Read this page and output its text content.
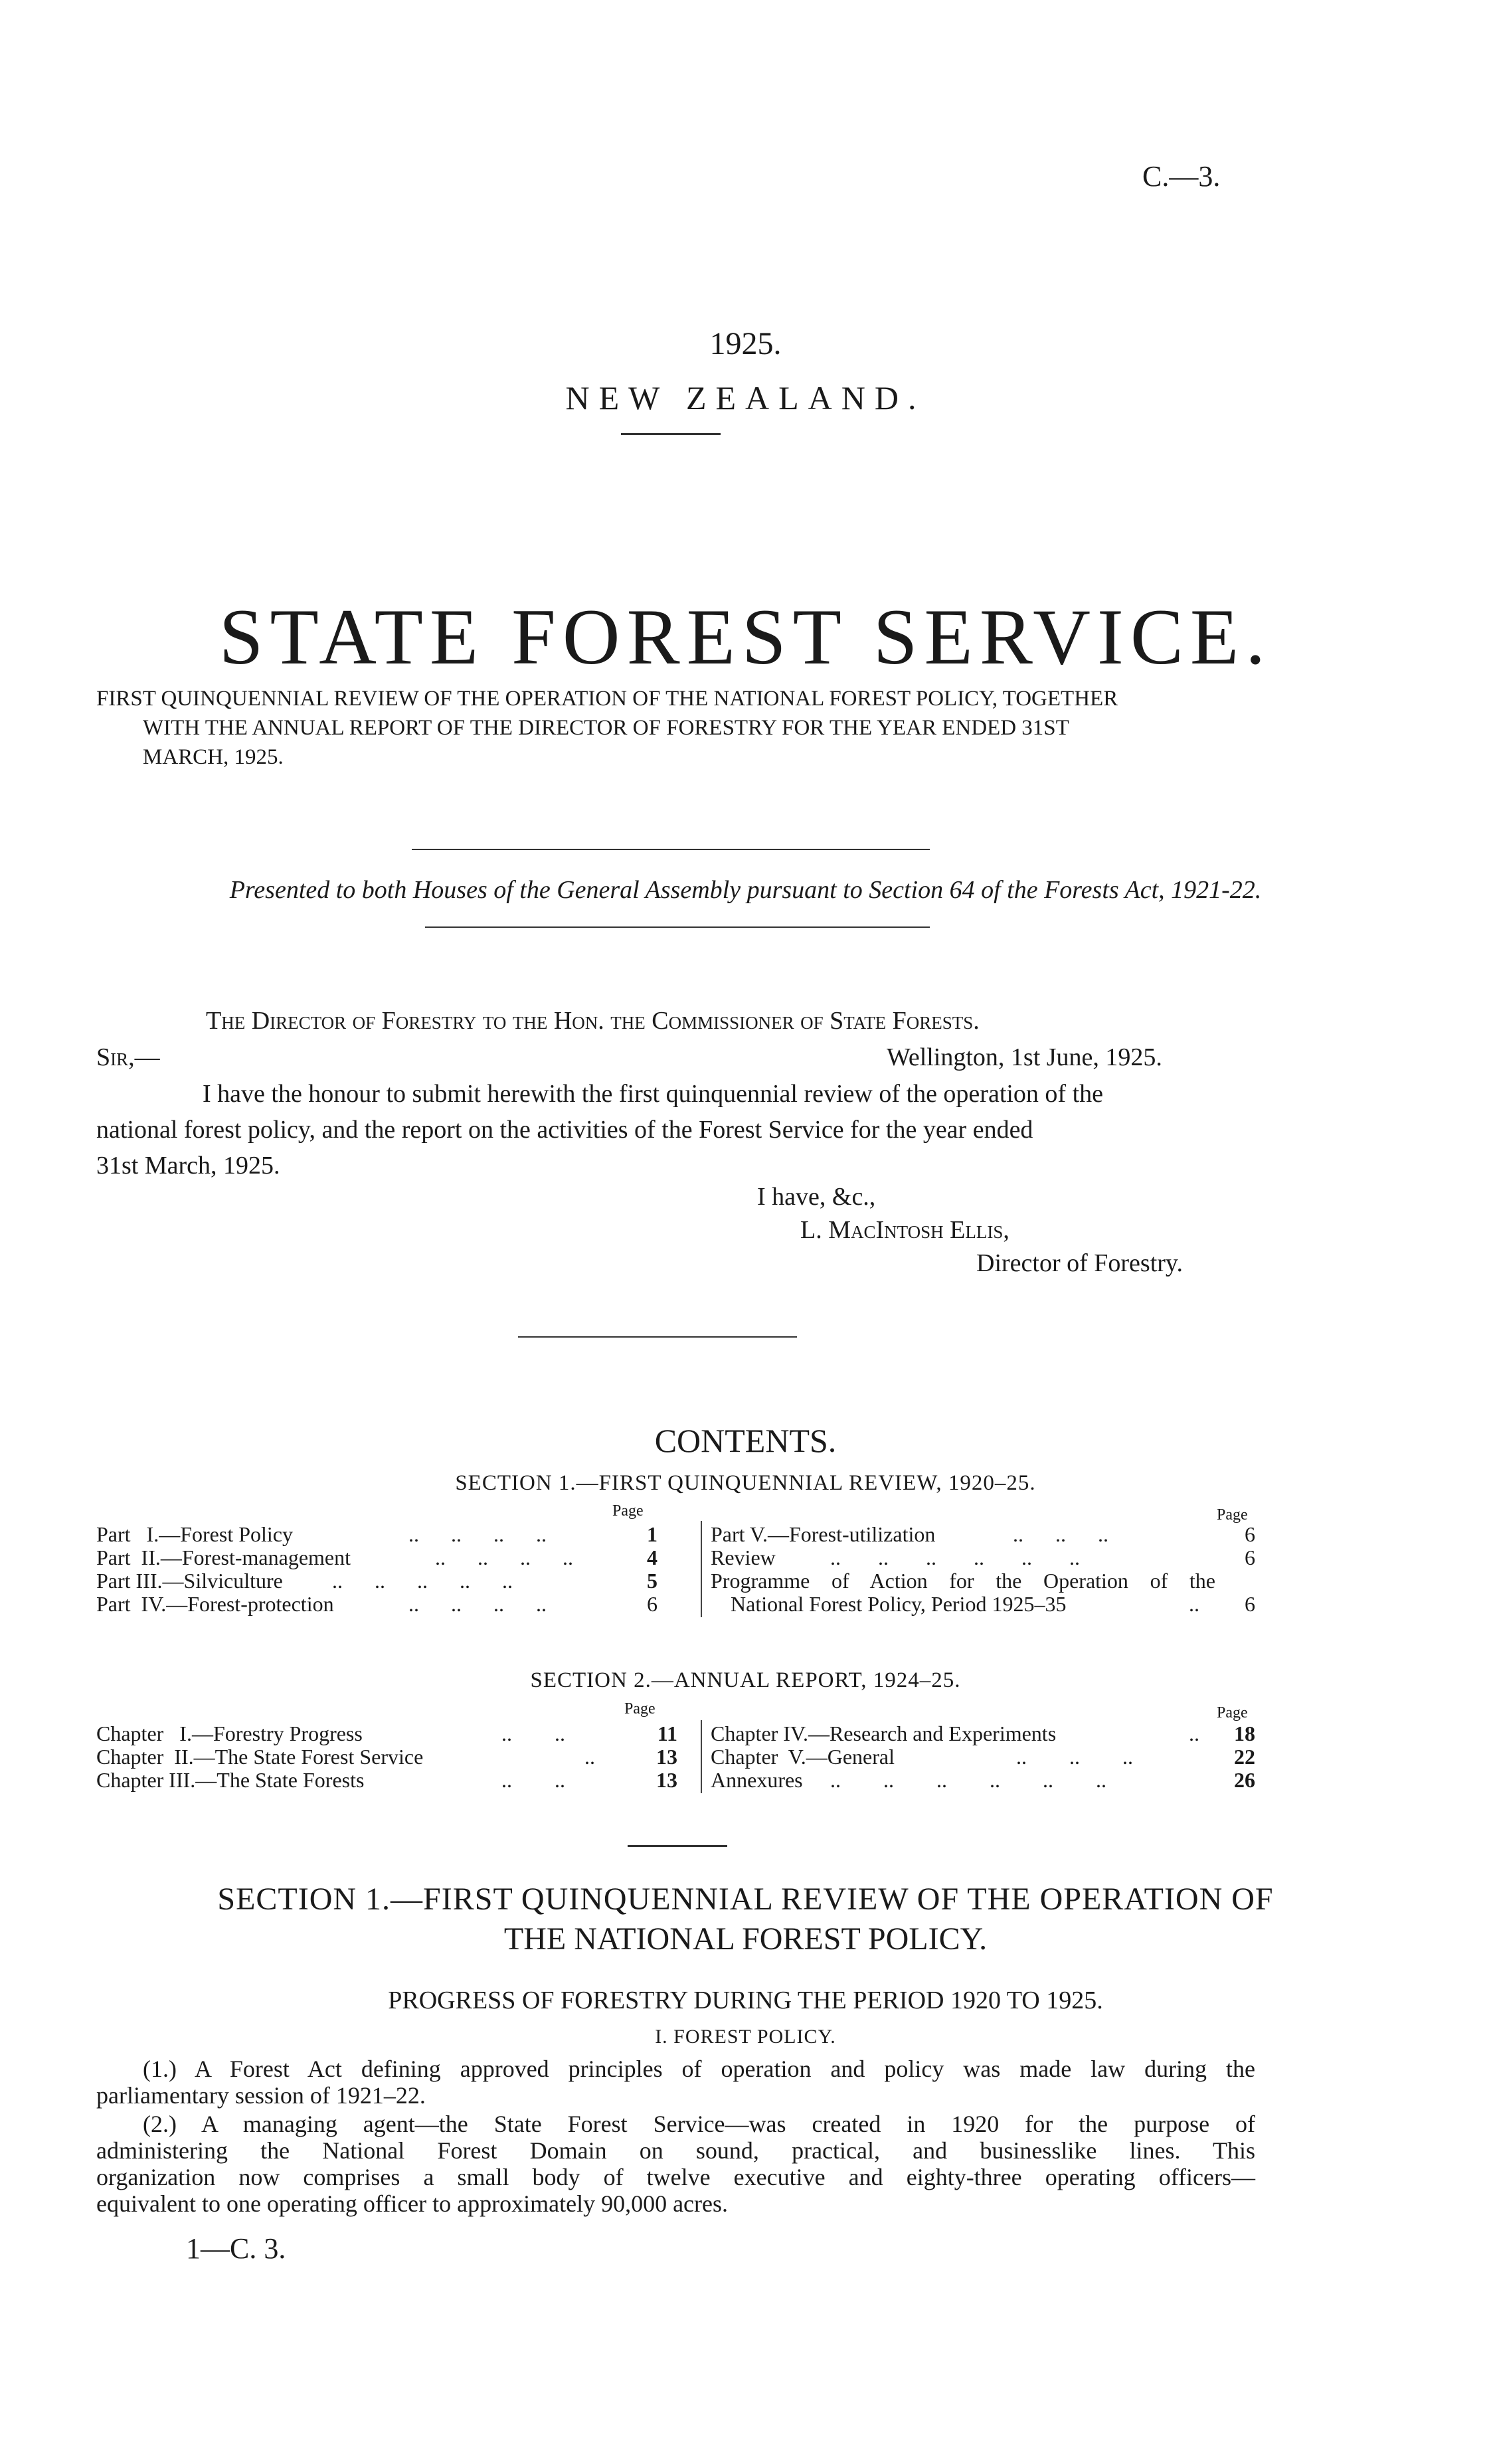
C.—3.
1925.
NEW ZEALAND.
STATE FOREST SERVICE.
FIRST QUINQUENNIAL REVIEW OF THE OPERATION OF THE NATIONAL FOREST POLICY, TOGETHER
WITH THE ANNUAL REPORT OF THE DIRECTOR OF FORESTRY FOR THE YEAR ENDED 31ST
MARCH, 1925.
Presented to both Houses of the General Assembly pursuant to Section 64 of the Forests Act, 1921-22.
The Director of Forestry to the Hon. the Commissioner of State Forests.
Sir,—	Wellington, 1st June, 1925.
I have the honour to submit herewith the first quinquennial review of the operation of the
national forest policy, and the report on the activities of the Forest Service for the year ended
31st March, 1925.
I have, &c.,
L. MacIntosh Ellis,
Director of Forestry.
CONTENTS.
SECTION 1.—FIRST QUINQUENNIAL REVIEW, 1920–25.
Page	Page
Part   I.—Forest Policy	..      ..      ..      ..	1
Part  II.—Forest-management	..      ..      ..      ..	4
Part III.—Silviculture ..      ..      ..      ..      ..	5
Part  IV.—Forest-protection	..      ..      ..      ..	6
Part V.—Forest-utilization	..      ..      ..	6
Review	..       ..       ..       ..       ..       ..	6
Programme of Action for the Operation of the
National Forest Policy, Period 1925–35	..	6
SECTION 2.—ANNUAL REPORT, 1924–25.
Page	Page
Chapter   I.—Forestry Progress	..        ..	11
Chapter  II.—The State Forest Service	..	13
Chapter III.—The State Forests	..        ..	13
Chapter IV.—Research and Experiments	..	18
Chapter  V.—General	..        ..        ..	22
Annexures ..        ..        ..        ..        ..        ..	26
SECTION 1.—FIRST QUINQUENNIAL REVIEW OF THE OPERATION OF
THE NATIONAL FOREST POLICY.
PROGRESS OF FORESTRY DURING THE PERIOD 1920 TO 1925.
I. FOREST POLICY.
(1.) A Forest Act defining approved principles of operation and policy was made law during the
parliamentary session of 1921–22.
(2.) A managing agent—the State Forest Service—was created in 1920 for the purpose of
administering the National Forest Domain on sound, practical, and businesslike lines. This
organization now comprises a small body of twelve executive and eighty-three operating officers—
equivalent to one operating officer to approximately 90,000 acres.
1—C. 3.
